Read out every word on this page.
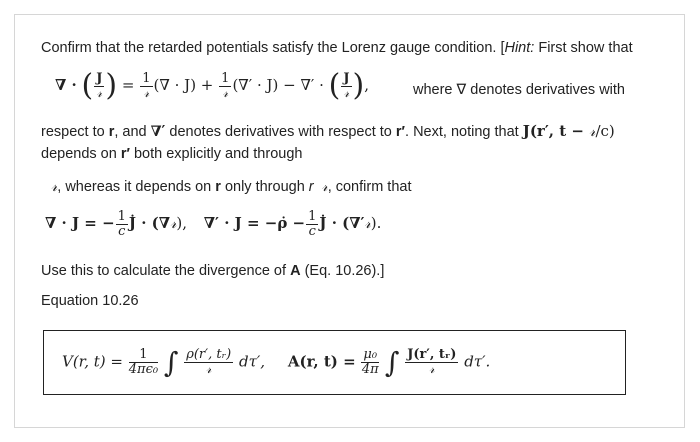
Confirm that the retarded potentials satisfy the Lorenz gauge condition. [Hint: First show that
∇ · ( $\frac{J}{\text{𝓇}}$ ) = $\frac{1}{\text{𝓇}}$ (∇ · $J) + \frac{1}{\text{𝓇}}$ (∇′ · J) − ∇′ · ( $\frac{J}{\text{𝓇}}$ ),	where ∇ denotes derivatives with
respect to r, and ∇′ denotes derivatives with respect to r′. Next, noting that J(r′, t − 𝓇/c)
depends on r′ both explicitly and through
𝓇, whereas it depends on r only through r 𝓇, confirm that
∇ · J = − $\frac{1}{c}$ J̇ · (∇𝓇), ∇′ · J = −ρ̇ − $\frac{1}{c}$ J̇ · (∇′𝓇).
Use this to calculate the divergence of A (Eq. 10.26).]
Equation 10.26
V(r, $t) = \frac{1}{\text{4πϵ₀}}$ ∫ $\frac{\text{ρ(r′, tᵣ)}}{\text{𝓇}} d\tau'$, A(r, $t) = \frac{\text{μ₀}}{4\pi}$ ∫ $\frac{\text{J(r′, tᵣ)}}{\text{𝓇}} d\tau'$.
